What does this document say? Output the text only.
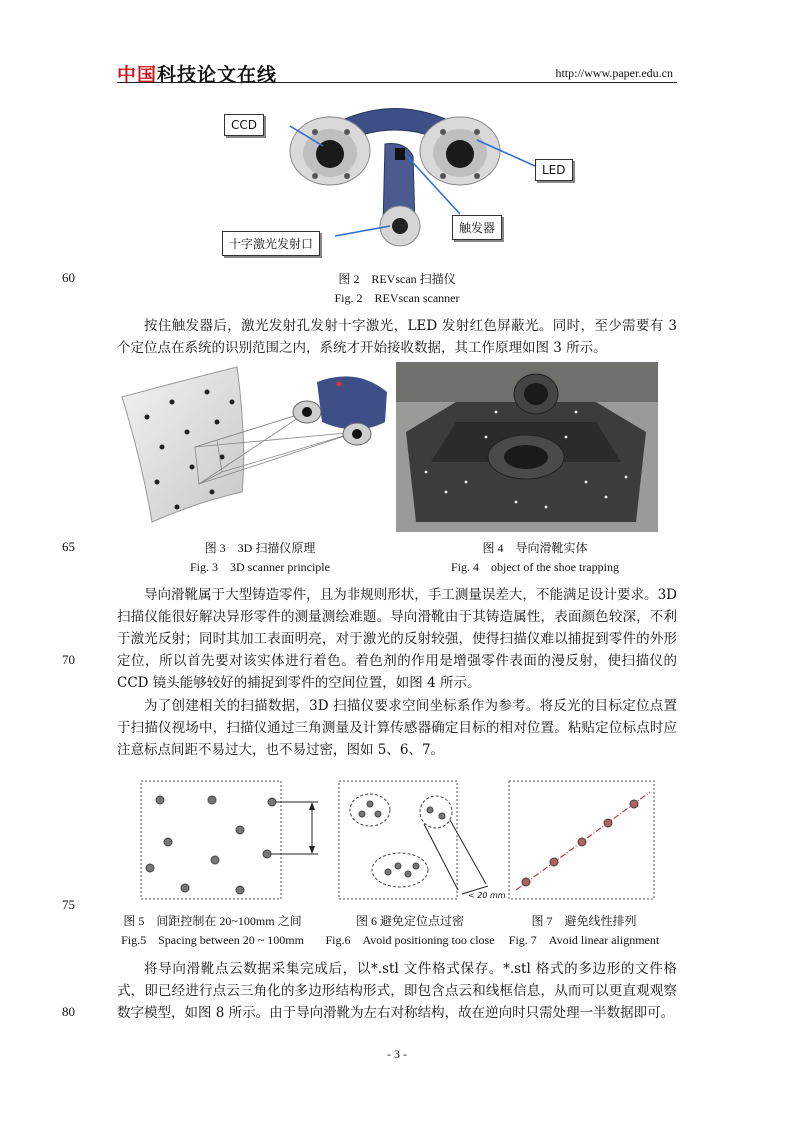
中国科技论文在线	http://www.paper.edu.cn
CCD
LED
触发器
十字激光发射口
60	图 2　REVscan 扫描仪
Fig. 2　REVscan scanner
按住触发器后，激光发射孔发射十字激光，LED 发射红色屏蔽光。同时，至少需要有 3 个定位点在系统的识别范围之内，系统才开始接收数据，其工作原理如图 3 所示。
65	图 3　3D 扫描仪原理
Fig. 3　3D scanner principle
图 4　导向滑靴实体
Fig. 4　object of the shoe trapping
导向滑靴属于大型铸造零件，且为非规则形状，手工测量误差大，不能满足设计要求。3D 扫描仪能很好解决异形零件的测量测绘难题。导向滑靴由于其铸造属性，表面颜色较深，不利于激光反射；同时其加工表面明亮，对于激光的反射较强，使得扫描仪难以捕捉到零件的外形定位，所以首先要对该实体进行着色。着色剂的作用是增强零件表面的漫反射，使扫描仪的 CCD 镜头能够较好的捕捉到零件的空间位置，如图 4 所示。
70
为了创建相关的扫描数据，3D 扫描仪要求空间坐标系作为参考。将反光的目标定位点置于扫描仪视场中，扫描仪通过三角测量及计算传感器确定目标的相对位置。粘贴定位标点时应注意标点间距不易过大，也不易过密，图如 5、6、7。
< 20 mm
75
图 5　间距控制在 20~100mm 之间
Fig.5　Spacing between 20 ~ 100mm
图 6 避免定位点过密
Fig.6　Avoid positioning too close
图 7　避免线性排列
Fig. 7　Avoid linear alignment
将导向滑靴点云数据采集完成后，以*.stl 文件格式保存。*.stl 格式的多边形的文件格式，即已经进行点云三角化的多边形结构形式，即包含点云和线框信息，从而可以更直观观察数字模型，如图 8 所示。由于导向滑靴为左右对称结构，故在逆向时只需处理一半数据即可。
80
- 3 -
